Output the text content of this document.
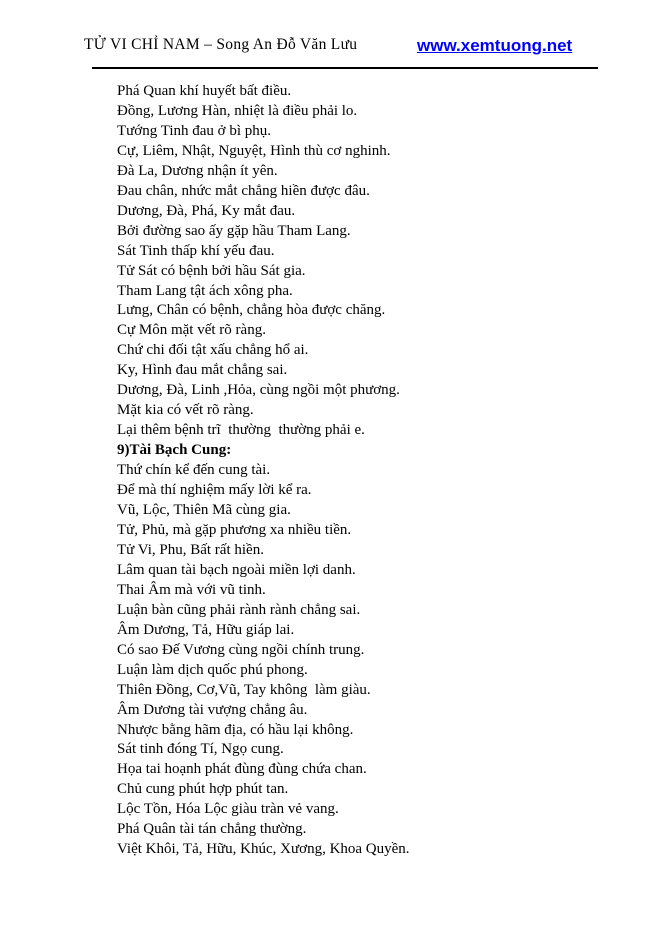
TỬ VI CHỈ NAM – Song An Đỗ Văn Lưu	www.xemtuong.net

Phá Quan khí huyết bất điều.

Đồng, Lương Hàn, nhiệt là điều phải lo.

Tướng Tinh đau ở bì phụ.

Cự, Liêm, Nhật, Nguyệt, Hình thù cơ nghinh.

Đà La, Dương nhận ít yên.

Đau chân, nhức mắt chẳng hiền được đâu.

Dương, Đà, Phá, Ky mắt đau.

Bởi đường sao ấy gặp hầu Tham Lang.

Sát Tinh thấp khí yếu đau.

Tử Sát có bệnh bởi hầu Sát gia.

Tham Lang tật ách xông pha.

Lưng, Chân có bệnh, chẳng hòa được chăng.

Cự Môn mặt vết rõ ràng.

Chứ chi đối tật xấu chẳng hổ ai.

Ky, Hình đau mắt chẳng sai.

Dương, Đà, Linh ,Hỏa, cùng ngồi một phương.

Mặt kia có vết rõ ràng.

Lại thêm bệnh trĩ  thường  thường phải e.

9)Tài Bạch Cung:

Thứ chín kể đến cung tài.

Để mà thí nghiệm mấy lời kể ra.

Vũ, Lộc, Thiên Mã cùng gia.

Tử, Phủ, mà gặp phương xa nhiều tiền.

Tử Vi, Phu, Bất rất hiền.

Lâm quan tài bạch ngoài miền lợi danh.

Thai Âm mà với vũ tinh.

Luận bàn cũng phải rành rành chẳng sai.

Âm Dương, Tả, Hữu giáp lai.

Có sao Đế Vương cùng ngồi chính trung.

Luận làm dịch quốc phú phong.

Thiên Đồng, Cơ,Vũ, Tay không  làm giàu.

Âm Dương tài vượng chẳng âu.

Nhược bằng hãm địa, có hầu lại không.

Sát tinh đóng Tí, Ngọ cung.

Họa tai hoạnh phát đùng đùng chứa chan.

Chủ cung phút hợp phút tan.

Lộc Tồn, Hóa Lộc giàu tràn vẻ vang.

Phá Quân tài tán chẳng thường.

Việt Khôi, Tả, Hữu, Khúc, Xương, Khoa Quyền.
